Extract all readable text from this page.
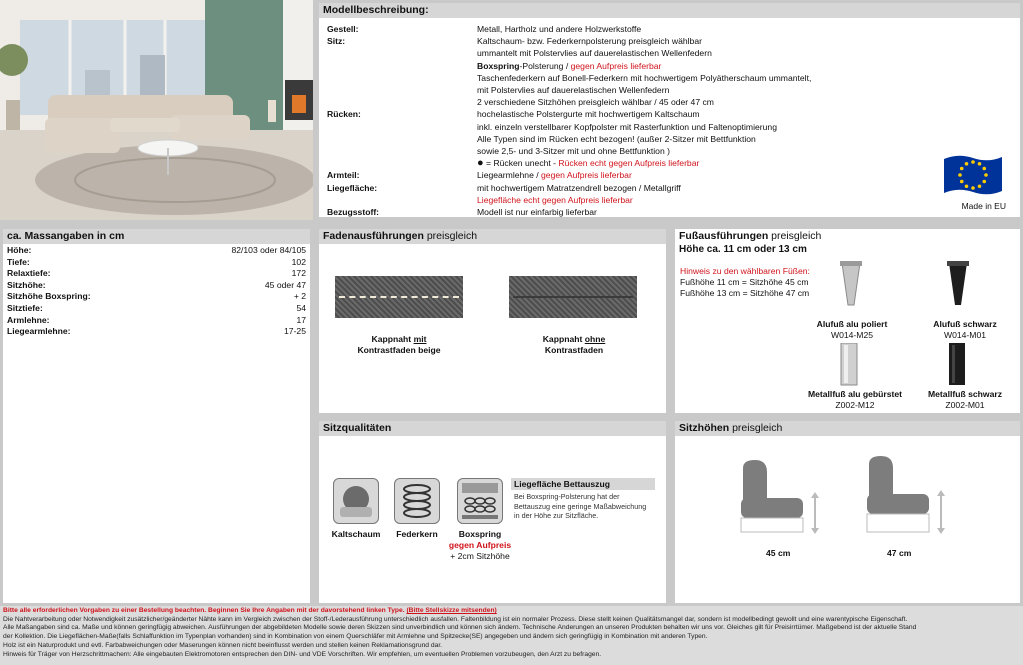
Modellbeschreibung:
Gestell:	Metall, Hartholz und andere Holzwerkstoffe
Sitz:	Kaltschaum- bzw. Federkernpolsterung preisgleich wählbar
ummantelt mit Polstervlies auf dauerelastischen Wellenfedern
Boxspring-Polsterung / gegen Aufpreis lieferbar
Taschenfederkern auf Bonell-Federkern mit hochwertigem Polyätherschaum ummantelt,
mit Polstervlies auf dauerelastischen Wellenfedern
2 verschiedene Sitzhöhen preisgleich wählbar / 45 oder 47 cm
Rücken:	hochelastische Polstergurte mit hochwertigem Kaltschaum
inkl. einzeln verstellbarer Kopfpolster mit Rasterfunktion und Faltenoptimierung
Alle Typen sind im Rücken echt bezogen! (außer 2-Sitzer mit Bettfunktion
sowie 2,5- und 3-Sitzer mit und ohne Bettfunktion )
● = Rücken unecht - Rücken echt gegen Aufpreis lieferbar
Armteil:	Liegearmlehne / gegen Aufpreis lieferbar
Liegefläche:	mit hochwertigem Matratzendrell bezogen / Metallgriff
Liegefläche echt gegen Aufpreis lieferbar
Bezugsstoff:	Modell ist nur einfarbig lieferbar
Made in EU
ca. Massangaben in cm
Höhe:	82/103 oder 84/105
Tiefe:	102
Relaxtiefe:	172
Sitzhöhe:	45 oder 47
Sitzhöhe Boxspring:	+ 2
Sitztiefe:	54
Armlehne:	17
Liegearmlehne:	17-25
Fadenausführungen preisgleich
Kappnaht mit
Kontrastfaden beige
Kappnaht ohne
Kontrastfaden
Fußausführungen preisgleich
Höhe ca. 11 cm oder 13 cm
Hinweis zu den wählbaren Füßen:
Fußhöhe 11 cm = Sitzhöhe 45 cm
Fußhöhe 13 cm = Sitzhöhe 47 cm
Alufuß alu poliert
W014-M25
Alufuß schwarz
W014-M01
Metallfuß alu gebürstet
Z002-M12
Metallfuß schwarz
Z002-M01
Sitzqualitäten
Kaltschaum	Federkern	Boxspring
gegen Aufpreis
+ 2cm Sitzhöhe
Liegefläche Bettauszug
Bei Boxspring-Polsterung hat der
Bettauszug eine geringe Maßabweichung
in der Höhe zur Sitzfläche.
Sitzhöhen preisgleich
45 cm	47 cm

Bitte alle erforderlichen Vorgaben zu einer Bestellung beachten. Beginnen Sie Ihre Angaben mit der davorstehend linken Type. (Bitte Stellskizze mitsenden)

Die Nahtverarbeitung oder Notwendigkeit zusätzlicher/geänderter Nähte kann im Vergleich zwischen der Stoff-/Lederausführung unterschiedlich ausfallen. Faltenbildung ist ein normaler Prozess. Diese stellt keinen Qualitätsmangel dar, sondern ist modellbedingt gewollt und eine warentypische Eigenschaft.

Alle Maßangaben sind ca. Maße und können geringfügig abweichen. Ausführungen der abgebildeten Modelle sowie deren Skizzen sind unverbindlich und können sich ändern. Technische Änderungen an unseren Produkten behalten wir uns vor. Gleiches gilt für Preisirrtümer. Maßgebend ist der aktuelle Stand

der Kollektion. Die Liegeflächen-Maße(falls Schlaffunktion im Typenplan vorhanden) sind in Kombination von einem Querschläfer mit Armlehne und Spitzecke(SE) angegeben und ändern sich geringfügig in Kombination mit anderen Typen.

Holz ist ein Naturprodukt und evtl. Farbabweichungen oder Maserungen können nicht beeinflusst werden und stellen keinen Reklamationsgrund dar.

Hinweis für Träger von Herzschrittmachern: Alle eingebauten Elektromotoren entsprechen den DIN- und VDE Vorschriften. Wir empfehlen, um eventuellen Problemen vorzubeugen, den Arzt zu befragen.
